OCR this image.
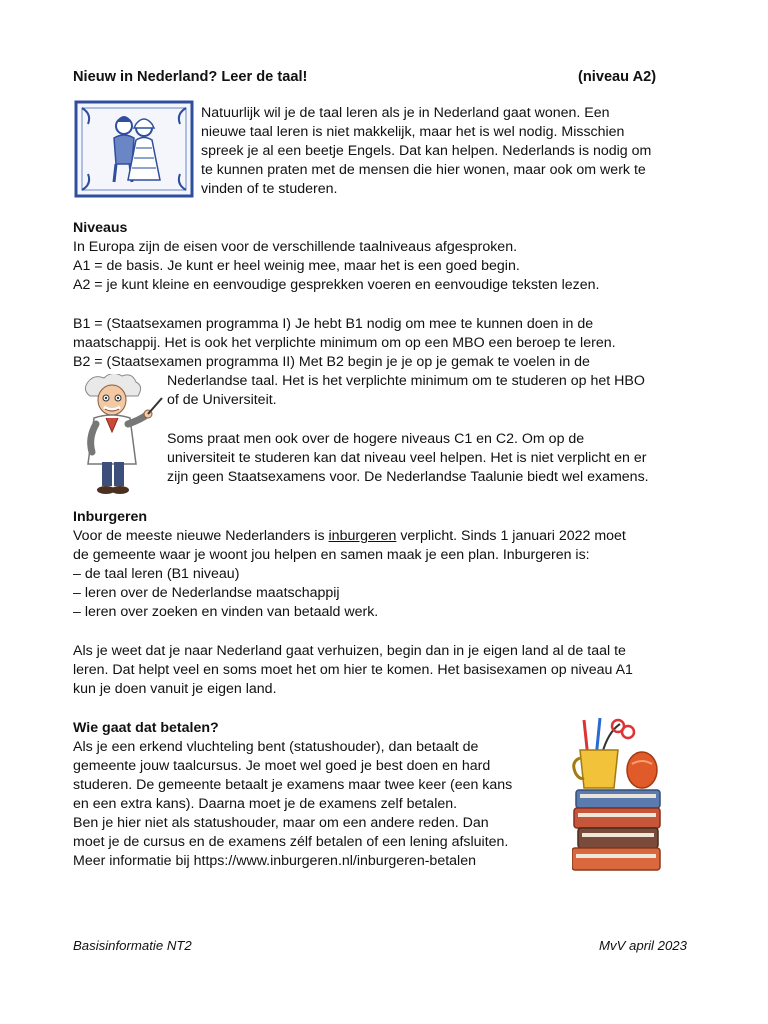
Nieuw in Nederland? Leer de taal!	(niveau A2)
Natuurlijk wil je de taal leren als je in Nederland gaat wonen. Een
nieuwe taal leren is niet makkelijk, maar het is wel nodig. Misschien
spreek je al een beetje Engels. Dat kan helpen. Nederlands is nodig om
te kunnen praten met de mensen die hier wonen, maar ook om werk te
vinden of te studeren.
Niveaus
In Europa zijn de eisen voor de verschillende taalniveaus afgesproken.
A1 = de basis. Je kunt er heel weinig mee, maar het is een goed begin.
A2 = je kunt kleine en eenvoudige gesprekken voeren en eenvoudige teksten lezen.
B1 = (Staatsexamen programma I) Je hebt B1 nodig om mee te kunnen doen in de
maatschappij. Het is ook het verplichte minimum om op een MBO een beroep te leren.
B2 = (Staatsexamen programma II) Met B2 begin je je op je gemak te voelen in de
Nederlandse taal. Het is het verplichte minimum om te studeren op het HBO
of de Universiteit.
Soms praat men ook over de hogere niveaus C1 en C2. Om op de
universiteit te studeren kan dat niveau veel helpen. Het is niet verplicht en er
zijn geen Staatsexamens voor. De Nederlandse Taalunie biedt wel examens.
Inburgeren
Voor de meeste nieuwe Nederlanders is inburgeren verplicht. Sinds 1 januari 2022 moet
de gemeente waar je woont jou helpen en samen maak je een plan. Inburgeren is:
– de taal leren (B1 niveau)
– leren over de Nederlandse maatschappij
– leren over zoeken en vinden van betaald werk.
Als je weet dat je naar Nederland gaat verhuizen, begin dan in je eigen land al de taal te
leren. Dat helpt veel en soms moet het om hier te komen. Het basisexamen op niveau A1
kun je doen vanuit je eigen land.
Wie gaat dat betalen?
Als je een erkend vluchteling bent (statushouder), dan betaalt de
gemeente jouw taalcursus. Je moet wel goed je best doen en hard
studeren. De gemeente betaalt je examens maar twee keer (een kans
en een extra kans). Daarna moet je de examens zelf betalen.
Ben je hier niet als statushouder, maar om een andere reden. Dan
moet je de cursus en de examens zélf betalen of een lening afsluiten.
Meer informatie bij https://www.inburgeren.nl/inburgeren-betalen
Basisinformatie NT2	MvV april 2023
